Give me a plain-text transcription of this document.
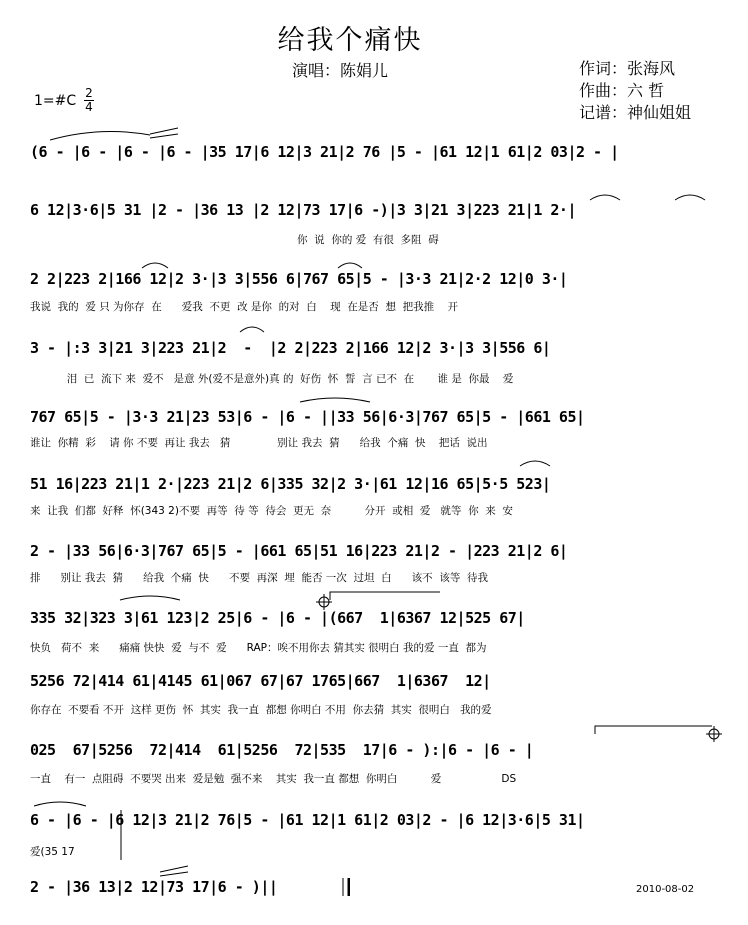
给我个痛快
演唱：陈娟儿	作词：张海风
作曲：六 哲
记谱：神仙姐姐
1=#C 2
4
(6 - |6 - |6 - |6 - |35 17|6 12|3 21|2 76 |5 - |61 12|1 61|2 03|2 - |
6 12|3·6|5 31 |2 - |36 13 |2 12|73 17|6 -)|3 3|21 3|223 21|1 2·|
你  说  你的 爱  有很  多阻  碍
2 2|223 2|166 12|2 3·|3 3|556 6|767 65|5 - |3·3 21|2·2 12|0 3·|
我说  我的  爱 只 为你存  在      爱我  不更  改 是你  的对  白    现  在是否  想  把我推    开
3 - |:3 3|21 3|223 21|2  -  |2 2|223 2|166 12|2 3·|3 3|556 6|
泪  已  流下 来  爱不   是意 外(爱不是意外)真 的  好伤  怀  誓  言 已不  在       谁 是  你最    爱
767 65|5 - |3·3 21|23 53|6 - |6 - ||33 56|6·3|767 65|5 - |661 65|
谁让  你精  彩    请 你 不要  再让 我去   猜              别让 我去  猜      给我  个痛  快    把话  说出
51 16|223 21|1 2·|223 21|2 6|335 32|2 3·|61 12|16 65|5·5 523|
来  让我  们都  好释  怀(343 2)不要  再等  待 等  待会  更无  奈          分开  或相  爱   就等  你  来  安
2 - |33 56|6·3|767 65|5 - |661 65|51 16|223 21|2 - |223 21|2 6|
排      别让 我去  猜      给我  个痛  快      不要  再深  埋  能否 一次  过坦  白      该不  该等  待我
335 32|323 3|61 123|2 25|6 - |6 - |(667  1|6367 12|525 67|
快负   荷不  来      痛痛 快快  爱  与不  爱      RAP：唉不用你去 猜其实 很明白 我的爱 一直  都为
5256 72|414 61|4145 61|067 67|67 1765|667  1|6367  12|
你存在  不要看 不开  这样 更伤  怀  其实  我一直  都想 你明白 不用  你去猜  其实  很明白   我的爱
025  67|5256  72|414  61|5256  72|535  17|6 - ):|6 - |6 - |
一直    有一  点阻碍  不要哭 出来  爱是勉  强不来    其实  我一直 都想  你明白          爱                  DS
6 - |6 - |6 12|3 21|2 76|5 - |61 12|1 61|2 03|2 - |6 12|3·6|5 31|
爱(35 17
2 - |36 13|2 12|73 17|6 - )||	2010-08-02
